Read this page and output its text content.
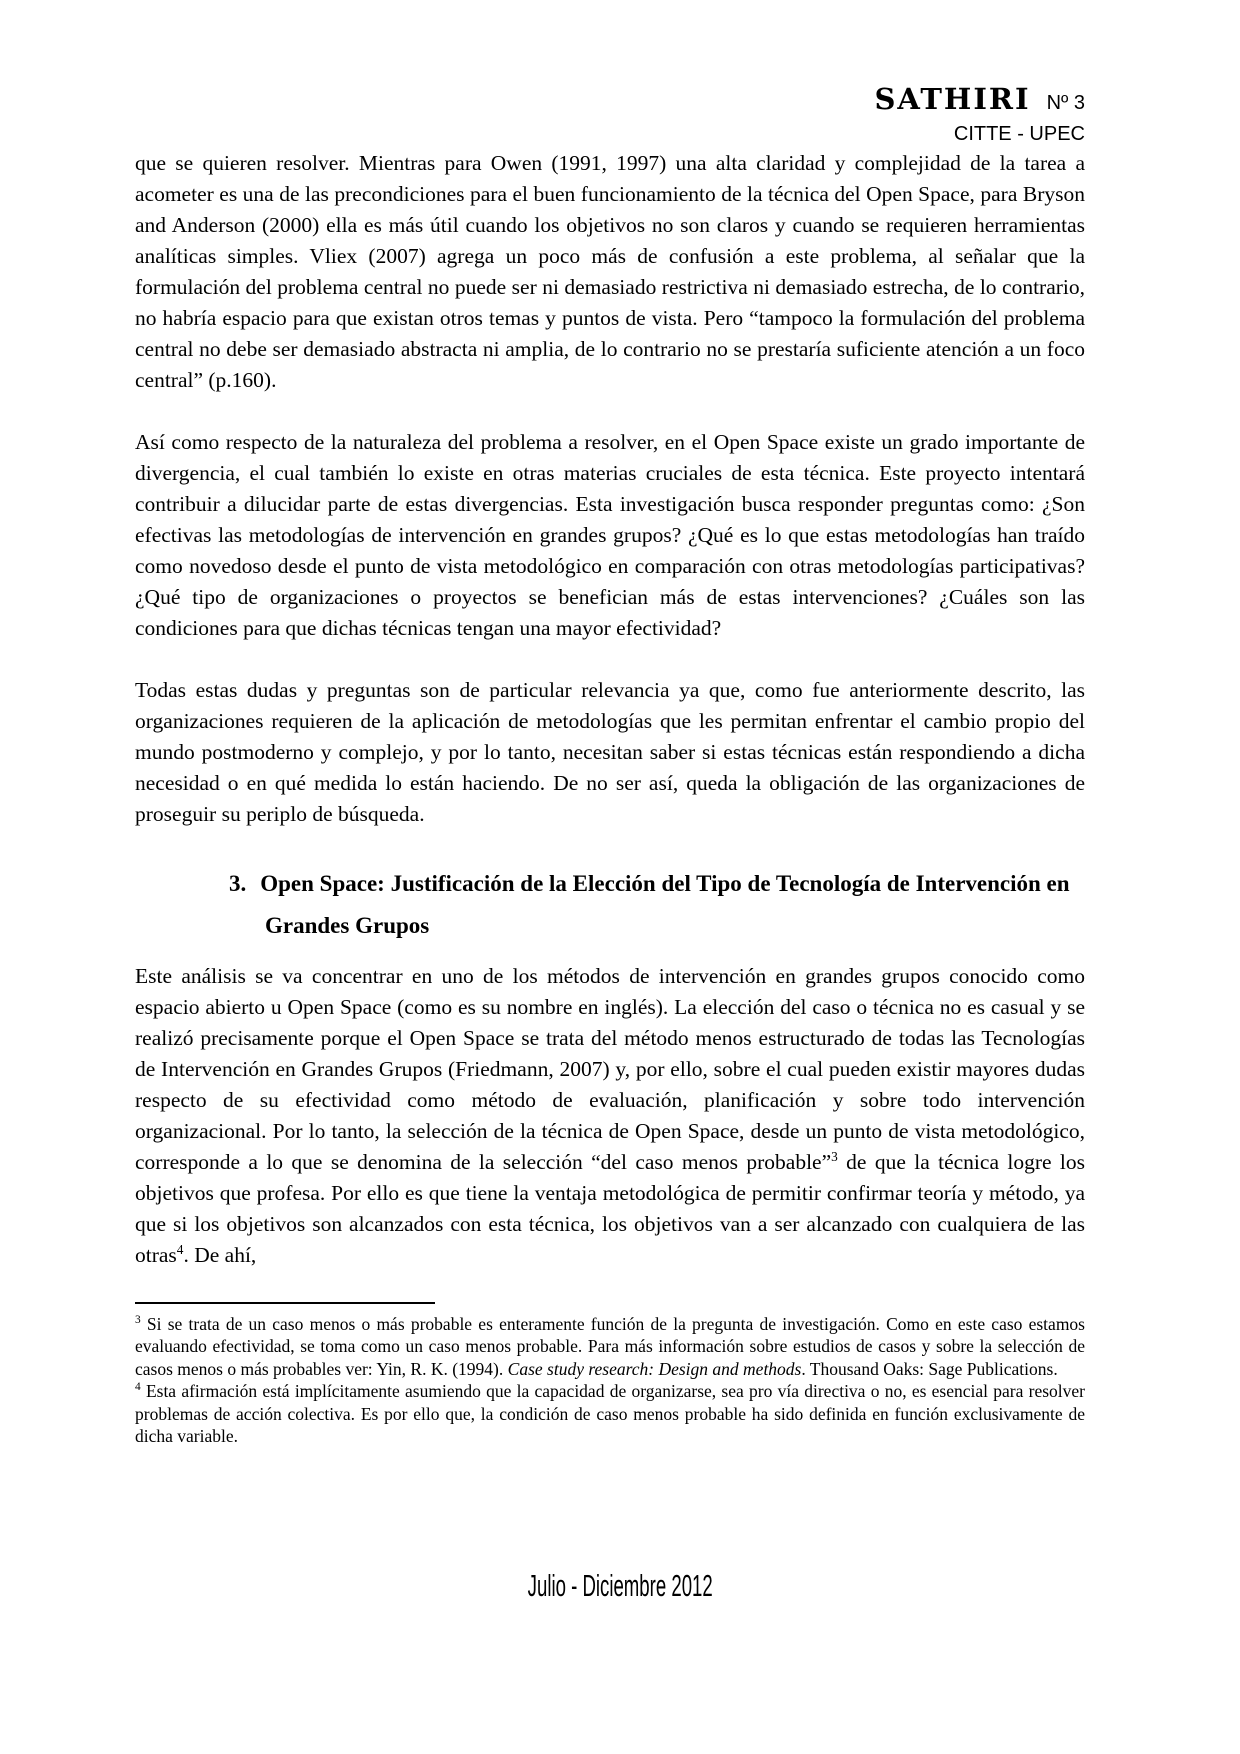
SATHIRI Nº 3
CITTE - UPEC
que se quieren resolver. Mientras para Owen (1991, 1997) una alta claridad y complejidad de la tarea a acometer es una de las precondiciones para el buen funcionamiento de la técnica del Open Space, para Bryson and Anderson (2000) ella es más útil cuando los objetivos no son claros y cuando se requieren herramientas analíticas simples. Vliex (2007) agrega un poco más de confusión a este problema, al señalar que la formulación del problema central no puede ser ni demasiado restrictiva ni demasiado estrecha, de lo contrario, no habría espacio para que existan otros temas y puntos de vista. Pero “tampoco la formulación del problema central no debe ser demasiado abstracta ni amplia, de lo contrario no se prestaría suficiente atención a un foco central” (p.160).
Así como respecto de la naturaleza del problema a resolver, en el Open Space existe un grado importante de divergencia, el cual también lo existe en otras materias cruciales de esta técnica. Este proyecto intentará contribuir a dilucidar parte de estas divergencias. Esta investigación busca responder preguntas como: ¿Son efectivas las metodologías de intervención en grandes grupos? ¿Qué es lo que estas metodologías han traído como novedoso desde el punto de vista metodológico en comparación con otras metodologías participativas? ¿Qué tipo de organizaciones o proyectos se benefician más de estas intervenciones? ¿Cuáles son las condiciones para que dichas técnicas tengan una mayor efectividad?
Todas estas dudas y preguntas son de particular relevancia ya que, como fue anteriormente descrito, las organizaciones requieren de la aplicación de metodologías que les permitan enfrentar el cambio propio del mundo postmoderno y complejo, y por lo tanto, necesitan saber si estas técnicas están respondiendo a dicha necesidad o en qué medida lo están haciendo. De no ser así, queda la obligación de las organizaciones de proseguir su periplo de búsqueda.
3. Open Space: Justificación de la Elección del Tipo de Tecnología de Intervención en Grandes Grupos
Este análisis se va concentrar en uno de los métodos de intervención en grandes grupos conocido como espacio abierto u Open Space (como es su nombre en inglés). La elección del caso o técnica no es casual y se realizó precisamente porque el Open Space se trata del método menos estructurado de todas las Tecnologías de Intervención en Grandes Grupos (Friedmann, 2007) y, por ello, sobre el cual pueden existir mayores dudas respecto de su efectividad como método de evaluación, planificación y sobre todo intervención organizacional. Por lo tanto, la selección de la técnica de Open Space, desde un punto de vista metodológico, corresponde a lo que se denomina de la selección “del caso menos probable”$^3$ de que la técnica logre los objetivos que profesa. Por ello es que tiene la ventaja metodológica de permitir confirmar teoría y método, ya que si los objetivos son alcanzados con esta técnica, los objetivos van a ser alcanzado con cualquiera de las otras$^4$. De ahí,
$^3$ Si se trata de un caso menos o más probable es enteramente función de la pregunta de investigación. Como en este caso estamos evaluando efectividad, se toma como un caso menos probable. Para más información sobre estudios de casos y sobre la selección de casos menos o más probables ver: Yin, R. K. (1994). Case study research: Design and methods. Thousand Oaks: Sage Publications.
$^4$ Esta afirmación está implícitamente asumiendo que la capacidad de organizarse, sea pro vía directiva o no, es esencial para resolver problemas de acción colectiva. Es por ello que, la condición de caso menos probable ha sido definida en función exclusivamente de dicha variable.
Julio - Diciembre 2012
